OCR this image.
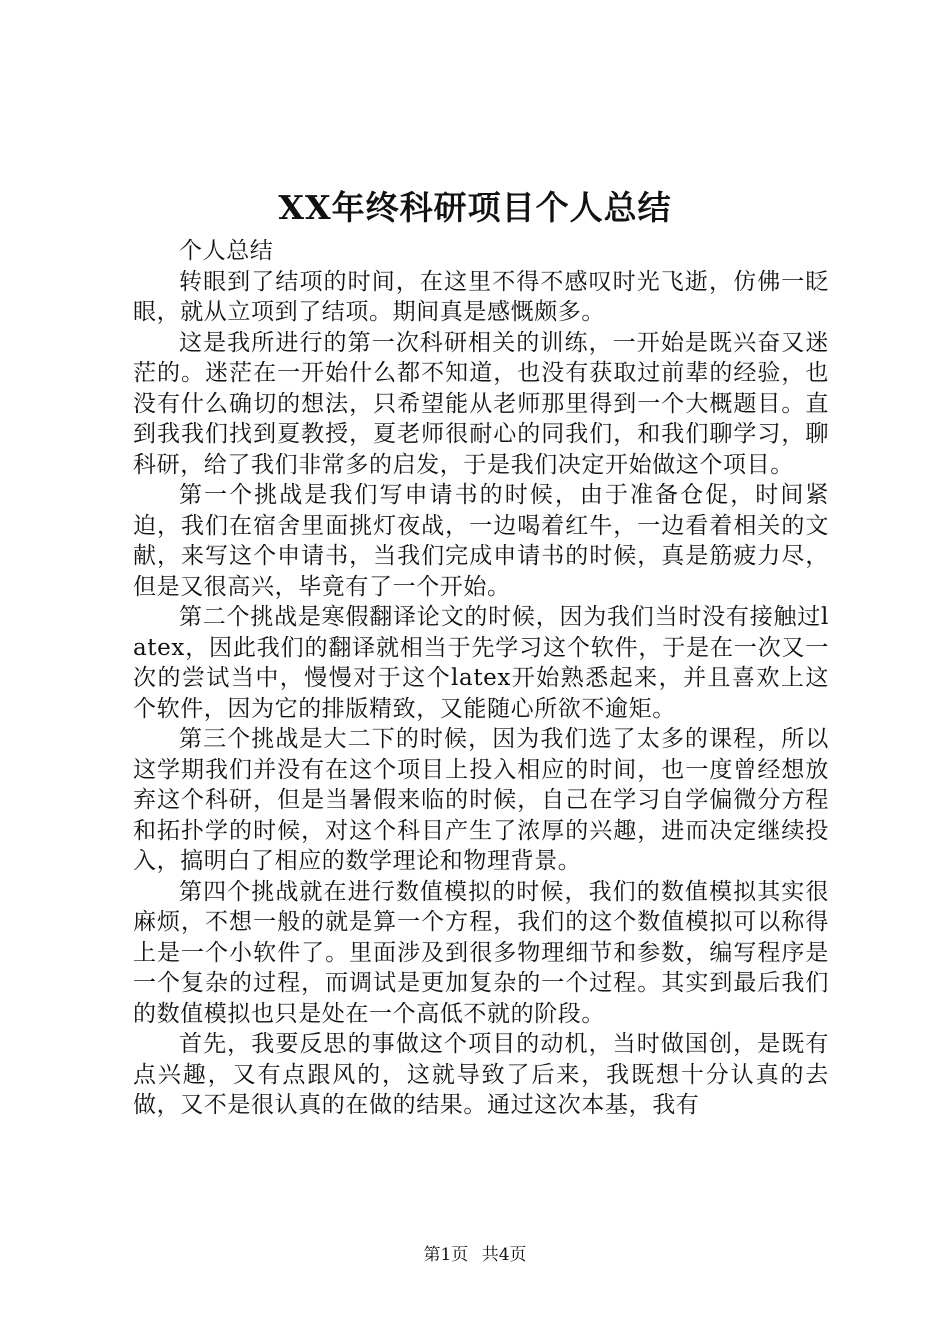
XX年终科研项目个人总结

个人总结

转眼到了结项的时间，在这里不得不感叹时光飞逝，仿佛一眨眼，就从立项到了结项。期间真是感慨颇多。

这是我所进行的第一次科研相关的训练，一开始是既兴奋又迷茫的。迷茫在一开始什么都不知道，也没有获取过前辈的经验，也没有什么确切的想法，只希望能从老师那里得到一个大概题目。直到我我们找到夏教授，夏老师很耐心的同我们，和我们聊学习，聊科研，给了我们非常多的启发，于是我们决定开始做这个项目。

第一个挑战是我们写申请书的时候，由于准备仓促，时间紧迫，我们在宿舍里面挑灯夜战，一边喝着红牛，一边看着相关的文献，来写这个申请书，当我们完成申请书的时候，真是筋疲力尽，但是又很高兴，毕竟有了一个开始。

第二个挑战是寒假翻译论文的时候，因为我们当时没有接触过latex，因此我们的翻译就相当于先学习这个软件，于是在一次又一次的尝试当中，慢慢对于这个latex开始熟悉起来，并且喜欢上这个软件，因为它的排版精致，又能随心所欲不逾矩。

第三个挑战是大二下的时候，因为我们选了太多的课程，所以这学期我们并没有在这个项目上投入相应的时间，也一度曾经想放弃这个科研，但是当暑假来临的时候，自己在学习自学偏微分方程和拓扑学的时候，对这个科目产生了浓厚的兴趣，进而决定继续投入，搞明白了相应的数学理论和物理背景。

第四个挑战就在进行数值模拟的时候，我们的数值模拟其实很麻烦，不想一般的就是算一个方程，我们的这个数值模拟可以称得上是一个小软件了。里面涉及到很多物理细节和参数，编写程序是一个复杂的过程，而调试是更加复杂的一个过程。其实到最后我们的数值模拟也只是处在一个高低不就的阶段。

首先，我要反思的事做这个项目的动机，当时做国创，是既有点兴趣，又有点跟风的，这就导致了后来，我既想十分认真的去做，又不是很认真的在做的结果。通过这次本基，我有

第1页 共4页
